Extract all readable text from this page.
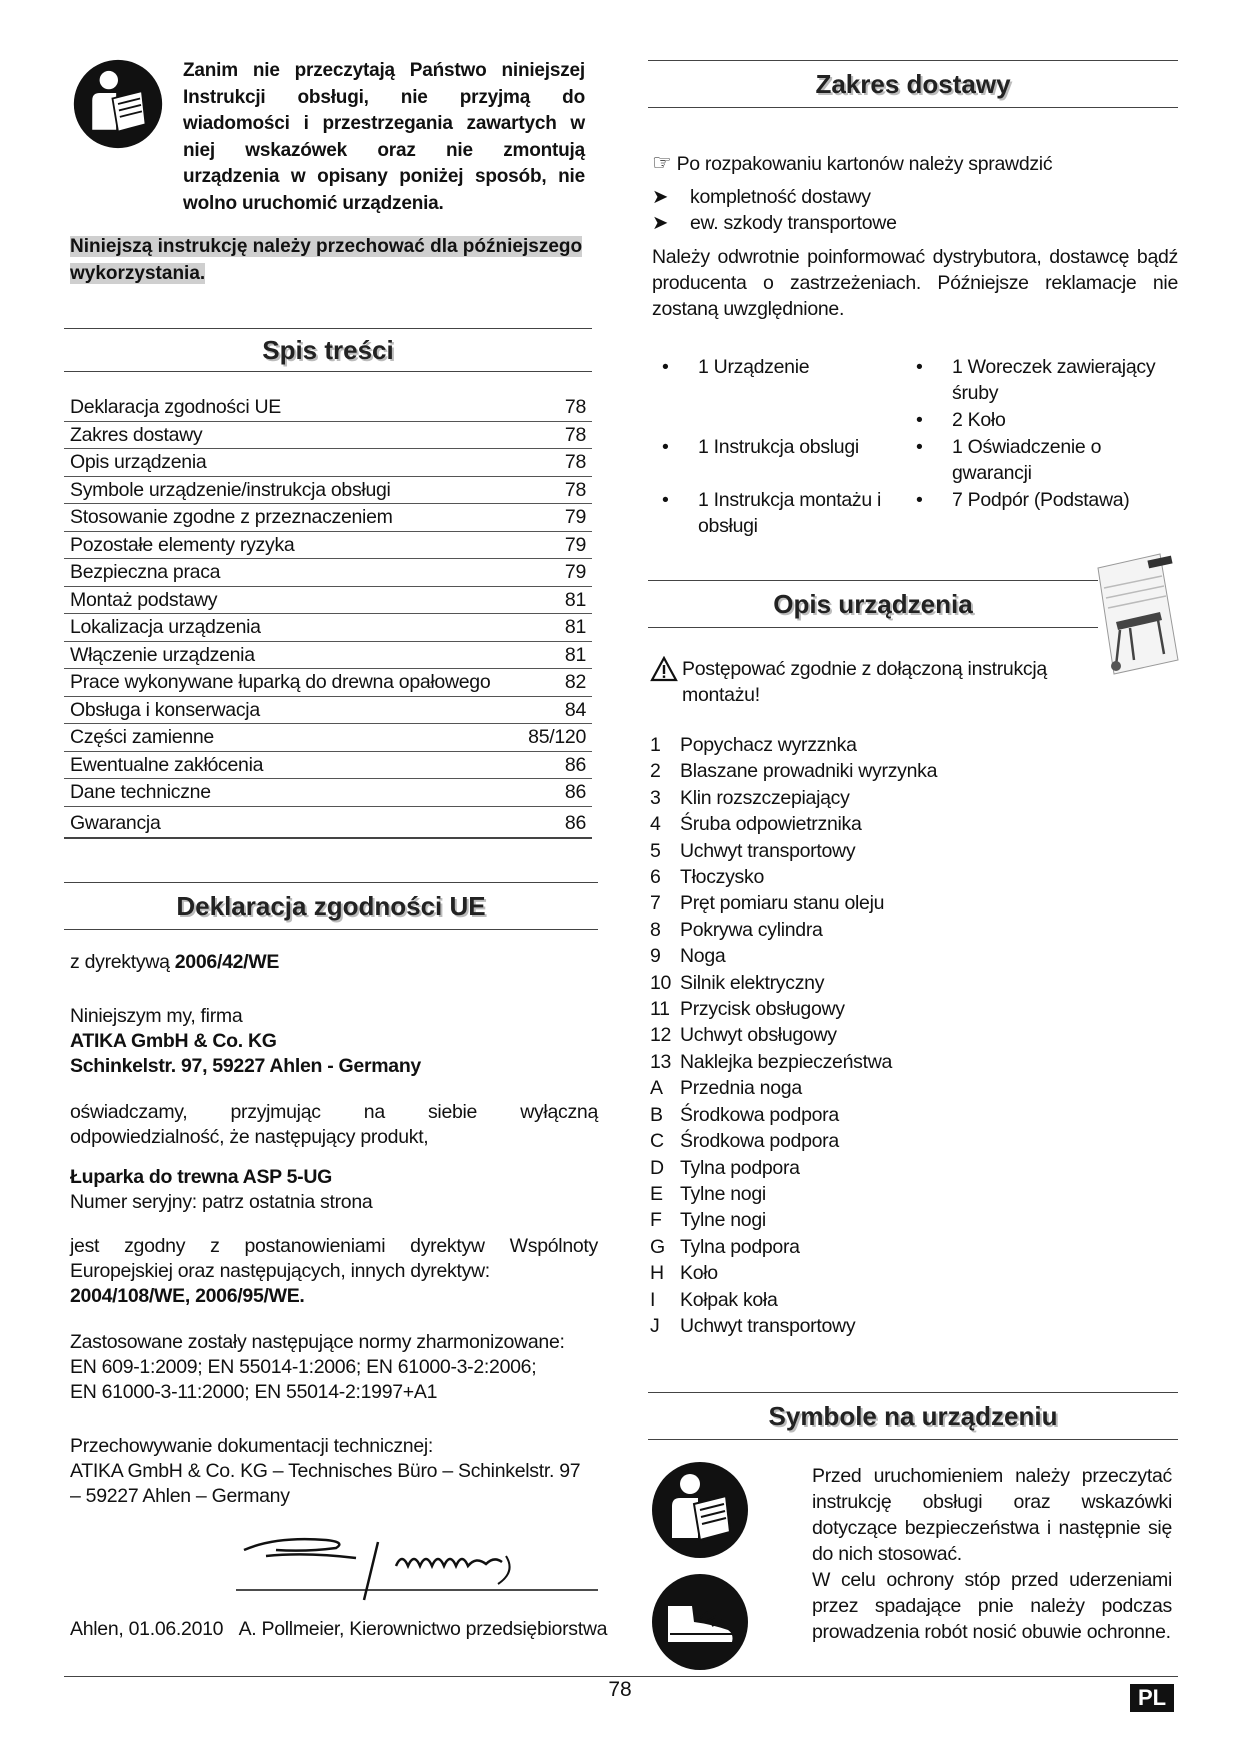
Zanim nie przeczytają Państwo niniejszej Instrukcji obsługi, nie przyjmą do wiadomości i przestrzegania zawartych w niej wskazówek oraz nie zmontują urządzenia w opisany poniżej sposób, nie wolno uruchomić urządzenia.
Niniejszą instrukcję należy przechować dla późniejszego wykorzystania.
Spis treści
Deklaracja zgodności UE	78
Zakres dostawy	78
Opis urządzenia	78
Symbole urządzenie/instrukcja obsługi	78
Stosowanie zgodne z przeznaczeniem	79
Pozostałe elementy ryzyka	79
Bezpieczna praca	79
Montaż podstawy	81
Lokalizacja urządzenia	81
Włączenie urządzenia	81
Prace wykonywane łuparką do drewna opałowego	82
Obsługa i konserwacja	84
Części zamienne	85/120
Ewentualne zakłócenia	86
Dane techniczne	86
Gwarancja	86
Deklaracja zgodności UE
z dyrektywą 2006/42/WE
Niniejszym my, firma
ATIKA GmbH & Co. KG
Schinkelstr. 97, 59227 Ahlen - Germany
oświadczamy, przyjmując na siebie wyłączną odpowiedzialność, że następujący produkt,
Łuparka do trewna ASP 5-UG
Numer seryjny: patrz ostatnia strona
jest zgodny z postanowieniami dyrektyw Wspólnoty Europejskiej oraz następujących, innych dyrektyw:
2004/108/WE, 2006/95/WE.
Zastosowane zostały następujące normy zharmonizowane:
EN 609-1:2009; EN 55014-1:2006; EN 61000-3-2:2006;
EN 61000-3-11:2000; EN 55014-2:1997+A1
Przechowywanie dokumentacji technicznej:
ATIKA GmbH & Co. KG – Technisches Büro – Schinkelstr. 97 – 59227 Ahlen – Germany
Ahlen, 01.06.2010 A. Pollmeier, Kierownictwo przedsiębiorstwa
Zakres dostawy
☞ Po rozpakowaniu kartonów należy sprawdzić
➤	kompletność dostawy
➤	ew. szkody transportowe
Należy odwrotnie poinformować dystrybutora, dostawcę bądź producenta o zastrzeżeniach. Późniejsze reklamacje nie zostaną uwzględnione.
•	1 Urządzenie
•	1 Instrukcja obslugi
•	1 Instrukcja montażu i obsługi
•	1 Woreczek zawierający śruby
•	2 Koło
•	1 Oświadczenie o gwarancji
•	7 Podpór (Podstawa)
Opis urządzenia
Postępować zgodnie z dołączoną instrukcją montażu!
1 Popychacz wyrzznka
2 Blaszane prowadniki wyrzynka
3 Klin rozszczepiający
4 Śruba odpowietrznika
5 Uchwyt transportowy
6 Tłoczysko
7 Pręt pomiaru stanu oleju
8 Pokrywa cylindra
9 Noga
10 Silnik elektryczny
11 Przycisk obsługowy
12 Uchwyt obsługowy
13 Naklejka bezpieczeństwa
A Przednia noga
B Środkowa podpora
C Środkowa podpora
D Tylna podpora
E Tylne nogi
F Tylne nogi
G Tylna podpora
H Koło
I	Kołpak koła
J	Uchwyt transportowy
Symbole na urządzeniu
Przed uruchomieniem należy przeczytać instrukcję obsługi oraz wskazówki dotyczące bezpieczeństwa i następnie się do nich stosować.
W celu ochrony stóp przed uderzeniami przez spadające pnie należy podczas prowadzenia robót nosić obuwie ochronne.
78	PL
